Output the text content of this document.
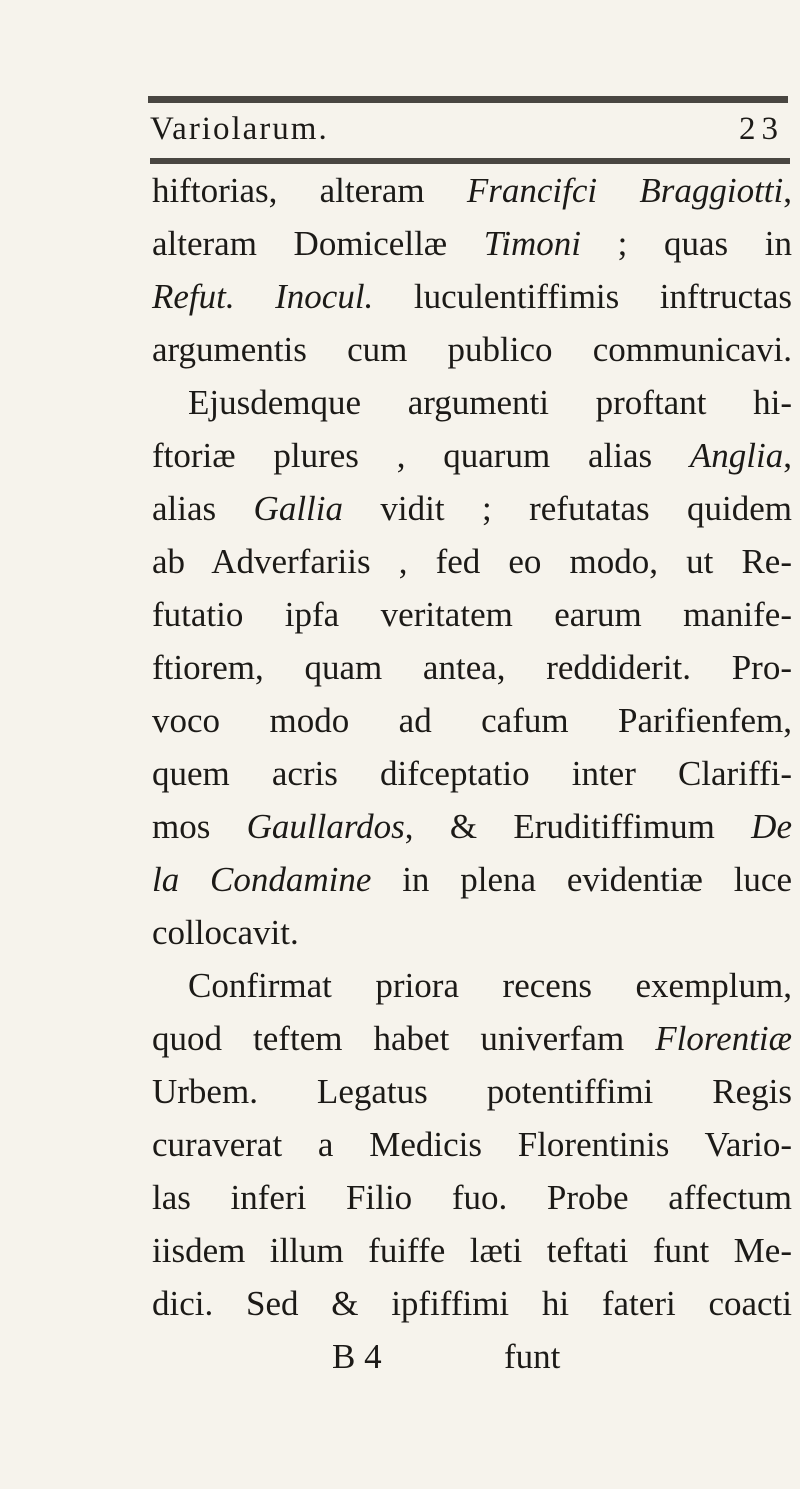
Variolarum.	23
hiftorias, alteram Francifci Braggiotti,
alteram Domicellæ Timoni ; quas in
Refut. Inocul. luculentiffimis inftructas
argumentis cum publico communicavi.
Ejusdemque argumenti proftant hi-
ftoriæ plures , quarum alias Anglia,
alias Gallia vidit ; refutatas quidem
ab Adverfariis , fed eo modo, ut Re-
futatio ipfa veritatem earum manife-
ftiorem, quam antea, reddiderit. Pro-
voco modo ad cafum Parifienfem,
quem acris difceptatio inter Clariffi-
mos Gaullardos, & Eruditiffimum De
la Condamine in plena evidentiæ luce
collocavit.
Confirmat priora recens exemplum,
quod teftem habet univerfam Florentiæ
Urbem. Legatus potentiffimi Regis
curaverat a Medicis Florentinis Vario-
las inferi Filio fuo. Probe affectum
iisdem illum fuiffe læti teftati funt Me-
dici. Sed & ipfiffimi hi fateri coacti
B 4	funt
